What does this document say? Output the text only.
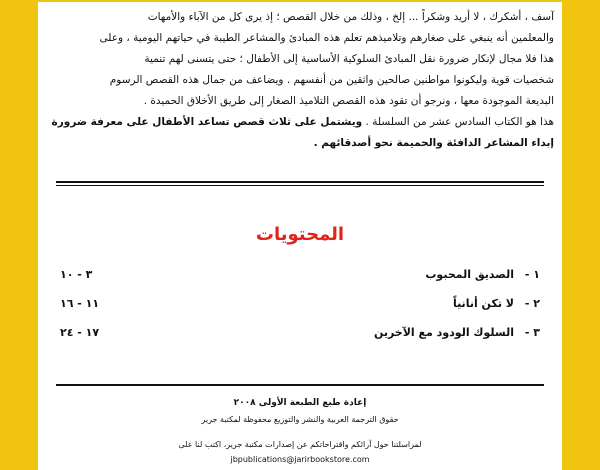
آسف ، أشكرك ، لا أريد وشكراً ... إلخ ، وذلك من خلال القصص ؛ إذ يرى كل من الآباء والأمهات

والمعلمين أنه ينبغي على صغارهم وتلاميذهم تعلم هذه المبادئ والمشاعر الطيبة في حياتهم اليومية ، وعلى

هذا فلا مجال لإنكار ضرورة نقل المبادئ السلوكية الأساسية إلى الأطفال ؛ حتى يتسنى لهم تنمية

شخصيات قوية وليكونوا مواطنين صالحين واثقين من أنفسهم . ويضاعف من جمال هذه القصص الرسوم

البديعة الموجودة معها ، ونرجو أن تقود هذه القصص التلاميذ الصغار إلى طريق الأخلاق الحميدة .

هذا هو الكتاب السادس عشر من السلسلة . ويشتمل على ثلاث قصص تساعد الأطفال على معرفة ضرورة

إبداء المشاعر الدافئة والحميمة نحو أصدقائهم .

المحتويات
١ -
الصديق المحبوب
٣ - ١٠
٢ -
لا تكن أنانياً
١١ - ١٦
٣ -
السلوك الودود مع الآخرين
١٧ - ٢٤
إعادة طبع الطبعة الأولى ٢٠٠٨
حقوق الترجمة العربية والنشر والتوزيع محفوظة لمكتبة جرير
لمراسلتنا حول آرائكم واقتراحاتكم عن إصدارات مكتبة جرير، اكتب لنا على
jbpublications@jarirbookstore.com
